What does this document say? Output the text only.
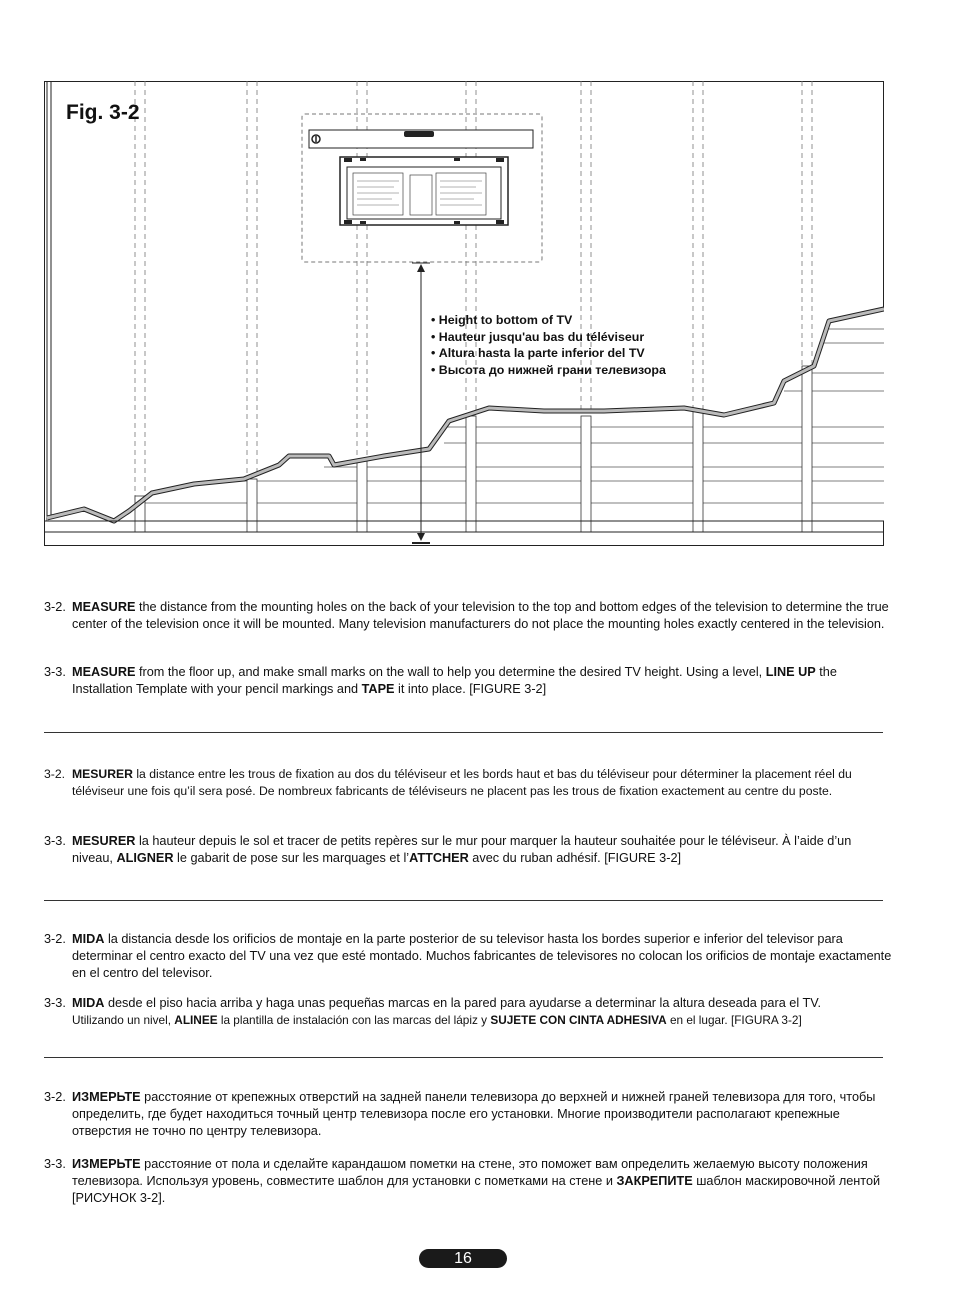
Fig. 3-2
• Height to bottom of TV
• Hauteur jusqu'au bas du téléviseur
• Altura hasta la parte inferior del TV
• Высота до нижней грани телевизора
3-2. MEASURE the distance from the mounting holes on the back of your television to the top and bottom edges of the television to determine the true center of the television once it will be mounted. Many television manufacturers do not place the mounting holes exactly centered in the television.
3-3. MEASURE from the floor up, and make small marks on the wall to help you determine the desired TV height. Using a level, LINE UP the Installation Template with your pencil markings and TAPE it into place. [FIGURE 3-2]
3-2. MESURER la distance entre les trous de fixation au dos du téléviseur et les bords haut et bas du téléviseur pour déterminer la placement réel du téléviseur une fois qu’il sera posé. De nombreux fabricants de téléviseurs ne placent pas les trous de fixation exactement au centre du poste.
3-3. MESURER la hauteur depuis le sol et tracer de petits repères sur le mur pour marquer la hauteur souhaitée pour le téléviseur. À l’aide d’un niveau, ALIGNER le gabarit de pose sur les marquages et l’ATTCHER avec du ruban adhésif. [FIGURE 3-2]
3-2. MIDA la distancia desde los orificios de montaje en la parte posterior de su televisor hasta los bordes superior e inferior del televisor para determinar el centro exacto del TV una vez que esté montado. Muchos fabricantes de televisores no colocan los orificios de montaje exactamente en el centro del televisor.
3-3. MIDA desde el piso hacia arriba y haga unas pequeñas marcas en la pared para ayudarse a determinar la altura deseada para el TV.
Utilizando un nivel, ALINEE la plantilla de instalación con las marcas del lápiz y SUJETE CON CINTA ADHESIVA en el lugar. [FIGURA 3-2]
3-2. ИЗМЕРЬТЕ расстояние от крепежных отверстий на задней панели телевизора до верхней и нижней граней телевизора для того, чтобы определить, где будет находиться точный центр телевизора после его установки. Многие производители располагают крепежные отверстия не точно по центру телевизора.
3-3. ИЗМЕРЬТЕ расстояние от пола и сделайте карандашом пометки на стене, это поможет вам определить желаемую высоту положения телевизора. Используя уровень, совместите шаблон для установки с пометками на стене и ЗАКРЕПИТЕ шаблон маскировочной лентой [РИСУНОК 3-2].
16
